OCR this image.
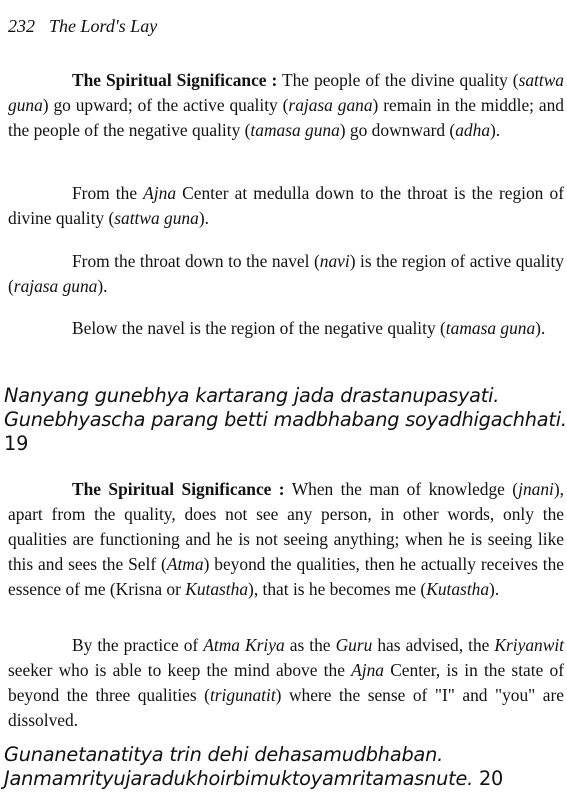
232 The Lord's Lay

The Spiritual Significance : The people of the divine quality (sattwa guna) go upward; of the active quality (rajasa gana) remain in the middle; and the people of the negative quality (tamasa guna) go downward (adha).

From the Ajna Center at medulla down to the throat is the region of divine quality (sattwa guna).

From the throat down to the navel (navi) is the region of active quality (rajasa guna).

Below the navel is the region of the negative quality (tamasa guna).

Nanyang gunebhya kartarang jada drastanupasyati.
Gunebhyascha parang betti madbhabang soyadhigachhati.
19

The Spiritual Significance : When the man of knowledge (jnani), apart from the quality, does not see any person, in other words, only the qualities are functioning and he is not seeing anything; when he is seeing like this and sees the Self (Atma) beyond the qualities, then he actually receives the essence of me (Krisna or Kutastha), that is he becomes me (Kutastha).

By the practice of Atma Kriya as the Guru has advised, the Kriyanwit seeker who is able to keep the mind above the Ajna Center, is in the state of beyond the three qualities (trigunatit) where the sense of "I" and "you" are dissolved.

Gunanetanatitya trin dehi dehasamudbhaban.
Janmamrityujaradukhoirbimuktoyamritamasnute. 20
